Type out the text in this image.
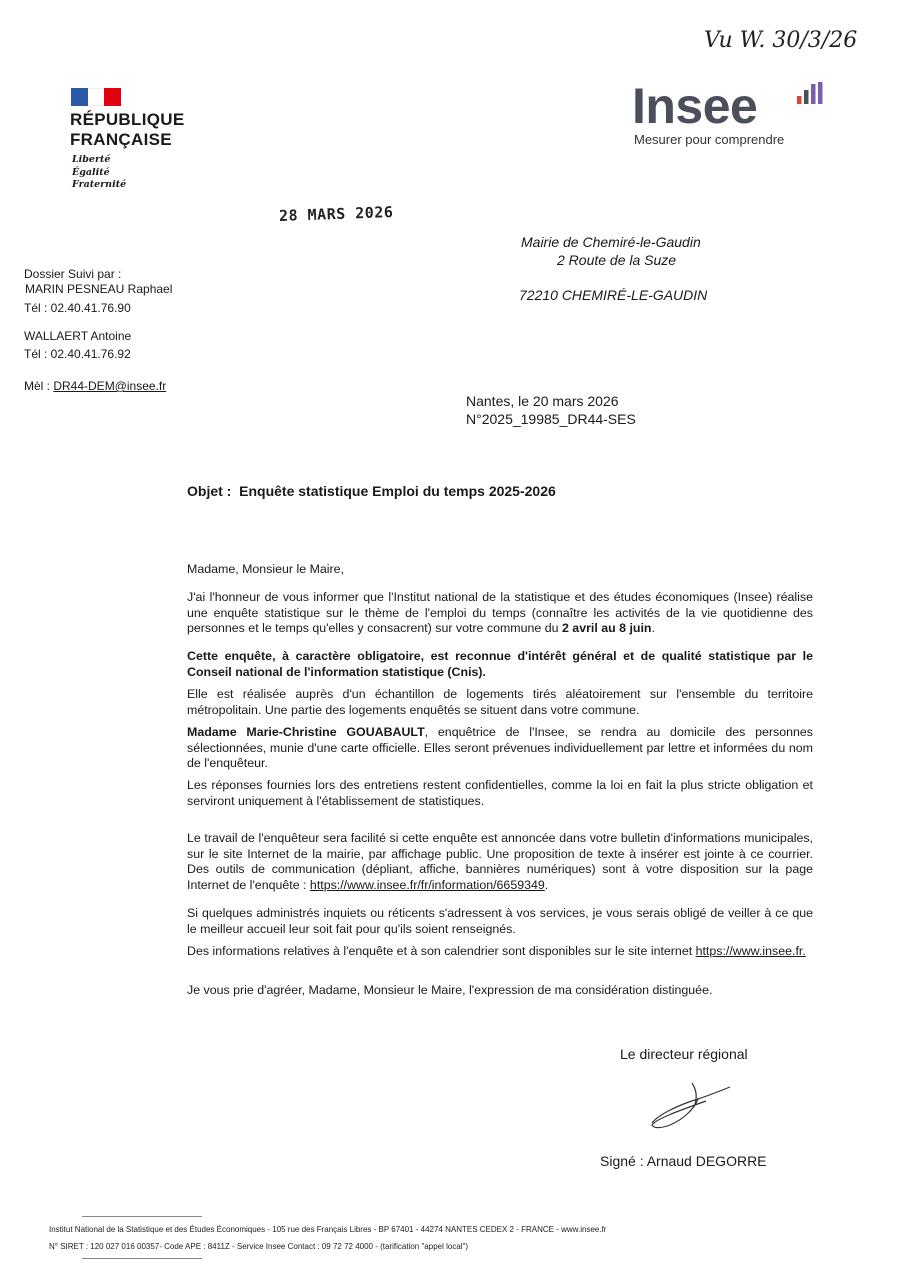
Vu W. 30/3/26
RÉPUBLIQUE
FRANÇAISE
Liberté
Égalité
Fraternité
Insee
Mesurer pour comprendre
28 MARS 2026
Mairie de Chemiré-le-Gaudin
2 Route de la Suze
72210 CHEMIRÉ-LE-GAUDIN
Dossier Suivi par :
MARIN PESNEAU Raphael
Tél : 02.40.41.76.90
WALLAERT Antoine
Tél : 02.40.41.76.92
Mèl : DR44-DEM@insee.fr
Nantes, le 20 mars 2026
N°2025_19985_DR44-SES
Objet : Enquête statistique Emploi du temps 2025-2026
Madame, Monsieur le Maire,
J'ai l'honneur de vous informer que l'Institut national de la statistique et des études économiques (Insee) réalise une enquête statistique sur le thème de l'emploi du temps (connaître les activités de la vie quotidienne des personnes et le temps qu'elles y consacrent) sur votre commune du 2 avril au 8 juin.
Cette enquête, à caractère obligatoire, est reconnue d'intérêt général et de qualité statistique par le Conseil national de l'information statistique (Cnis).
Elle est réalisée auprès d'un échantillon de logements tirés aléatoirement sur l'ensemble du territoire métropolitain. Une partie des logements enquêtés se situent dans votre commune.
Madame Marie-Christine GOUABAULT, enquêtrice de l'Insee, se rendra au domicile des personnes sélectionnées, munie d'une carte officielle. Elles seront prévenues individuellement par lettre et informées du nom de l'enquêteur.
Les réponses fournies lors des entretiens restent confidentielles, comme la loi en fait la plus stricte obligation et serviront uniquement à l'établissement de statistiques.
Le travail de l'enquêteur sera facilité si cette enquête est annoncée dans votre bulletin d'informations municipales, sur le site Internet de la mairie, par affichage public. Une proposition de texte à insérer est jointe à ce courrier. Des outils de communication (dépliant, affiche, bannières numériques) sont à votre disposition sur la page Internet de l'enquête : https://www.insee.fr/fr/information/6659349.
Si quelques administrés inquiets ou réticents s'adressent à vos services, je vous serais obligé de veiller à ce que le meilleur accueil leur soit fait pour qu'ils soient renseignés.
Des informations relatives à l'enquête et à son calendrier sont disponibles sur le site internet https://www.insee.fr.
Je vous prie d'agréer, Madame, Monsieur le Maire, l'expression de ma considération distinguée.
Le directeur régional
Signé : Arnaud DEGORRE
Institut National de la Statistique et des Études Économiques - 105 rue des Français Libres - BP 67401 - 44274 NANTES CEDEX 2 - FRANCE - www.insee.fr
N° SIRET : 120 027 016 00357- Code APE : 8411Z - Service Insee Contact : 09 72 72 4000 - (tarification "appel local")
